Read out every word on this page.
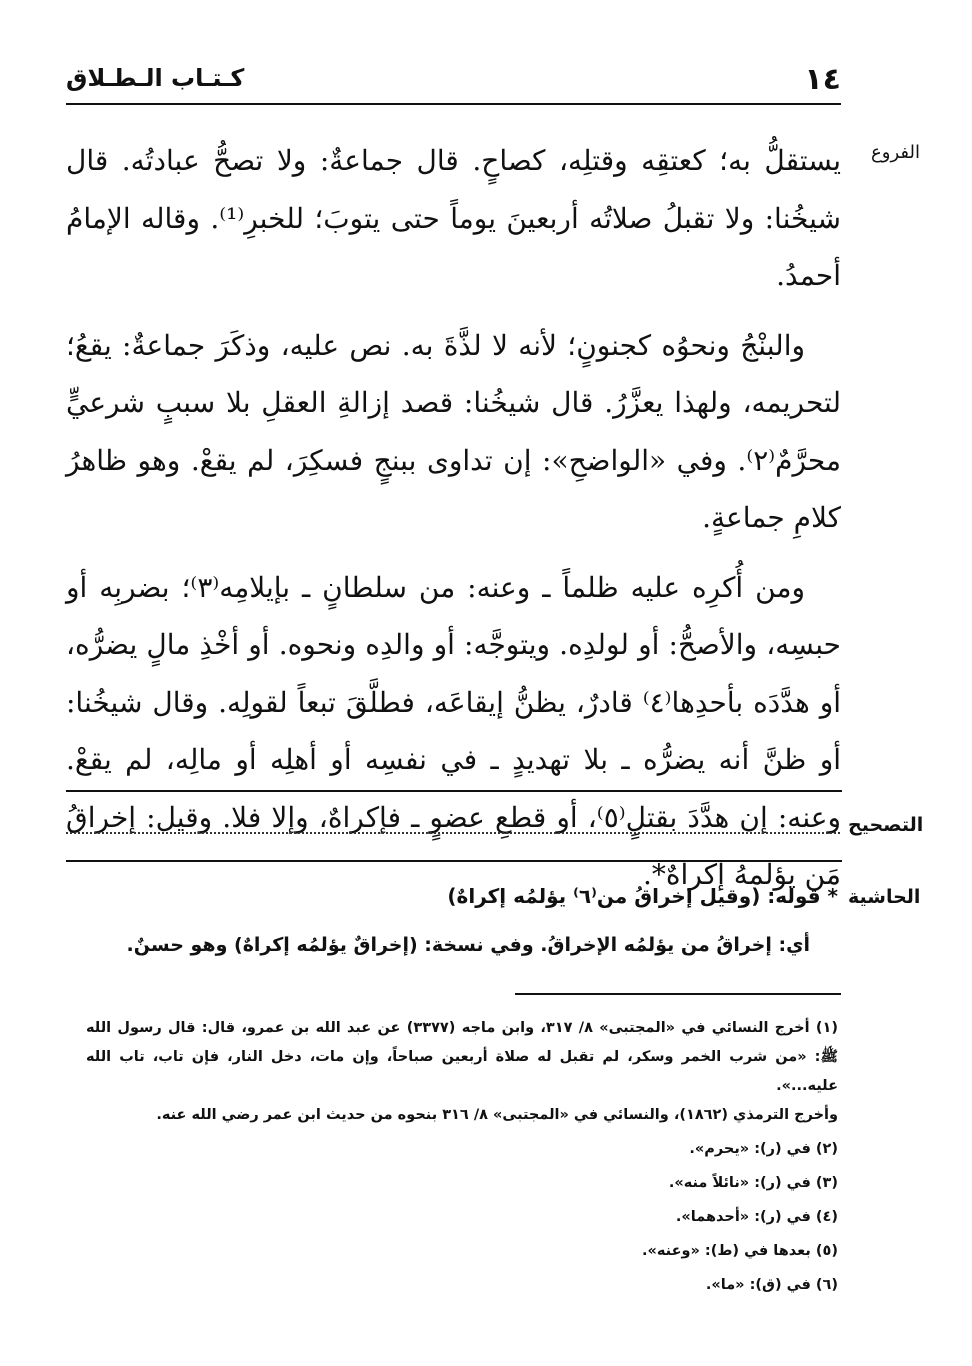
١٤
كـتـاب الـطـلاق
الفروع

يستقلُّ به؛ كعتقِه وقتلِه، كصاحٍ. قال جماعةٌ: ولا تصحُّ عبادتُه. قال شيخُنا: ولا تقبلُ صلاتُه أربعينَ يوماً حتى يتوبَ؛ للخبرِ⁽¹⁾. وقاله الإمامُ أحمدُ.

والبنْجُ ونحوُه كجنونٍ؛ لأنه لا لذَّةَ به. نص عليه، وذكَرَ جماعةٌ: يقعُ؛ لتحريمه، ولهذا يعزَّرُ. قال شيخُنا: قصد إزالةِ العقلِ بلا سببٍ شرعيٍّ محرَّمٌ⁽٢⁾. وفي «الواضحِ»: إن تداوى ببنجٍ فسكِرَ، لم يقعْ. وهو ظاهرُ كلامِ جماعةٍ.

ومن أُكرِه عليه ظلماً ـ وعنه: من سلطانٍ ـ بإيلامِه⁽٣⁾؛ بضربِه أو حبسِه، والأصحُّ: أو لولدِه. ويتوجَّه: أو والدِه ونحوه. أو أخْذِ مالٍ يضرُّه، أو هدَّدَه بأحدِها⁽٤⁾ قادرٌ، يظنُّ إيقاعَه، فطلَّقَ تبعاً لقولِه. وقال شيخُنا: أو ظنَّ أنه يضرُّه ـ بلا تهديدٍ ـ في نفسِه أو أهلِه أو مالِه، لم يقعْ. وعنه: إن هدَّدَ بقتلٍ⁽٥⁾، أو قطعِ عضوٍ ـ فإكراهٌ، وإلا فلا. وقيل: إخراقُ مَن يؤلمهُ إكراهٌ*.

التصحيح
الحاشية
* قوله: (وقيل إخراقُ من⁽٦⁾ يؤلمُه إكراهٌ)
أي: إخراقُ من يؤلمُه الإخراقُ. وفي نسخة: (إخراقٌ يؤلمُه إكراهٌ) وهو حسنٌ.

(١) أخرج النسائي في «المجتبى» ٨/ ٣١٧، وابن ماجه (٣٣٧٧) عن عبد الله بن عمرو، قال: قال رسول الله ﷺ: «من شرب الخمر وسكر، لم تقبل له صلاة أربعين صباحاً، وإن مات، دخل النار، فإن تاب، تاب الله عليه...».

وأخرج الترمذي (١٨٦٢)، والنسائي في «المجتبى» ٨/ ٣١٦ بنحوه من حديث ابن عمر رضي الله عنه.

(٢) في (ر): «يحرم».

(٣) في (ر): «نائلاً منه».

(٤) في (ر): «أحدهما».

(٥) بعدها في (ط): «وعنه».

(٦) في (ق): «ما».
